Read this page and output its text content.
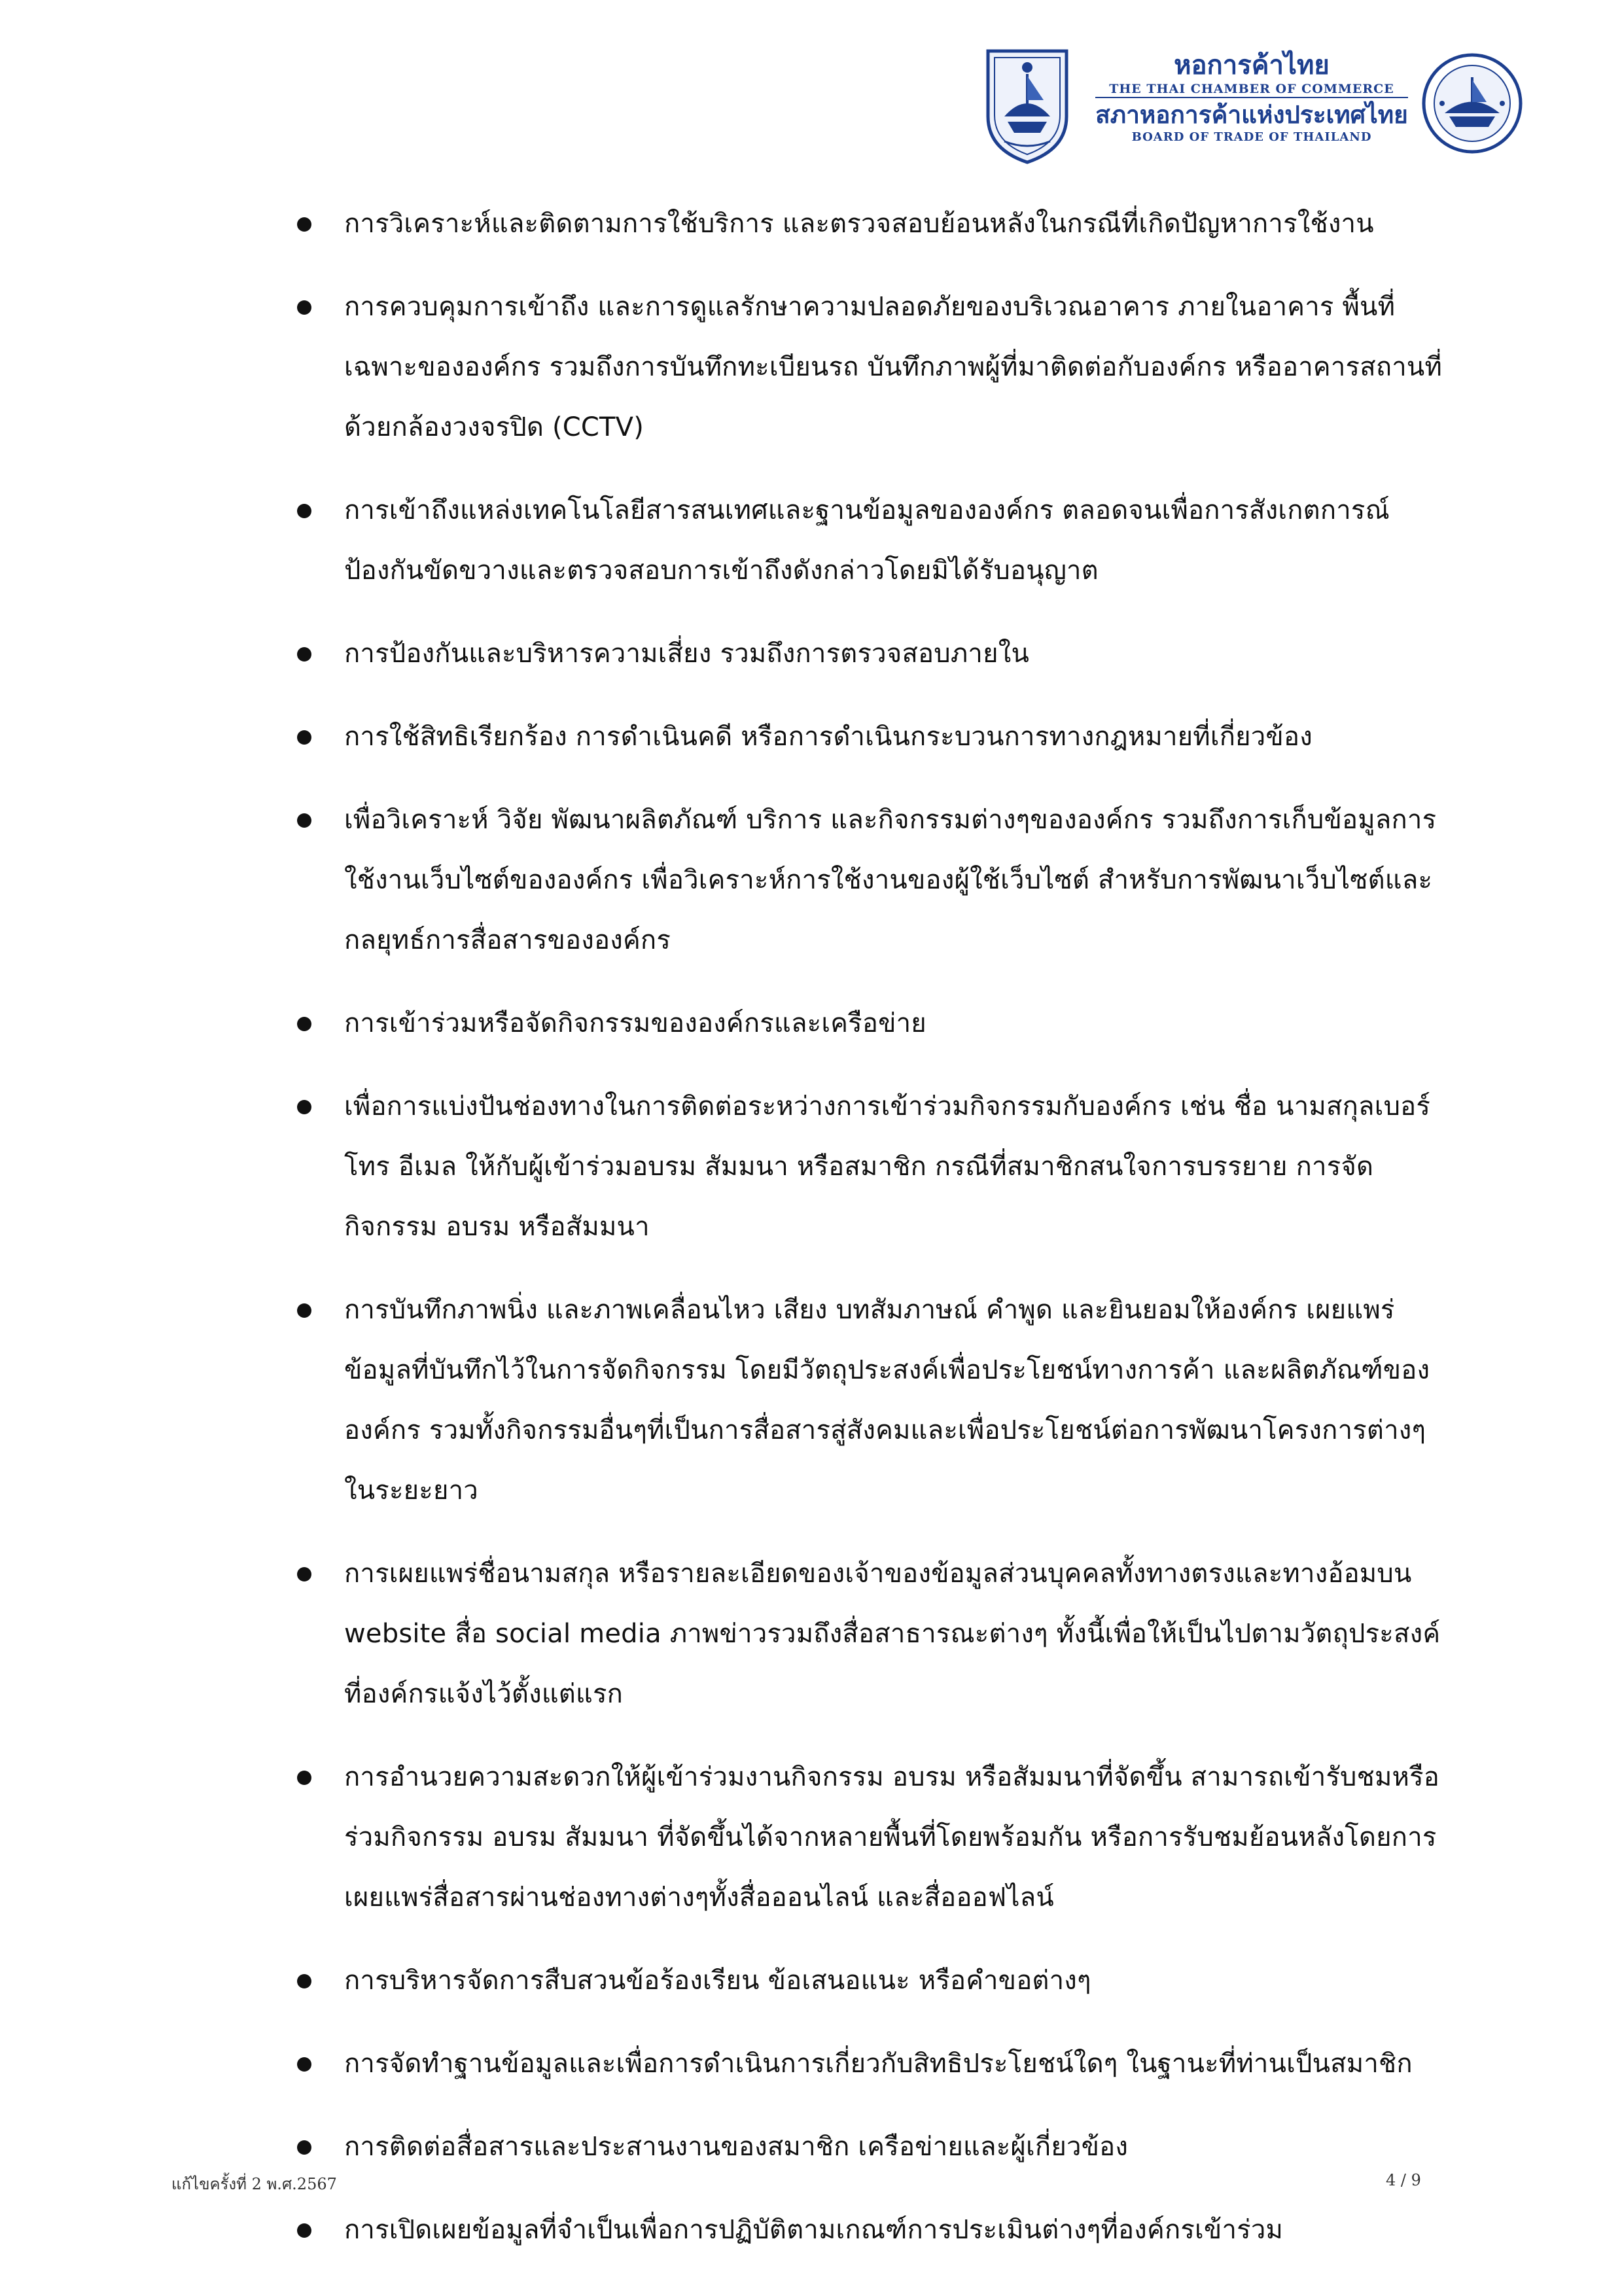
หอการค้าไทย
THE THAI CHAMBER OF COMMERCE
สภาหอการค้าแห่งประเทศไทย
BOARD OF TRADE OF THAILAND
การวิเคราะห์และติดตามการใช้บริการ และตรวจสอบย้อนหลังในกรณีที่เกิดปัญหาการใช้งาน
การควบคุมการเข้าถึง และการดูแลรักษาความปลอดภัยของบริเวณอาคาร ภายในอาคาร พื้นที่เฉพาะขององค์กร รวมถึงการบันทึกทะเบียนรถ บันทึกภาพผู้ที่มาติดต่อกับองค์กร หรืออาคารสถานที่ ด้วยกล้องวงจรปิด (CCTV)
การเข้าถึงแหล่งเทคโนโลยีสารสนเทศและฐานข้อมูลขององค์กร ตลอดจนเพื่อการสังเกตการณ์ป้องกันขัดขวางและตรวจสอบการเข้าถึงดังกล่าวโดยมิได้รับอนุญาต
การป้องกันและบริหารความเสี่ยง รวมถึงการตรวจสอบภายใน
การใช้สิทธิเรียกร้อง การดำเนินคดี หรือการดำเนินกระบวนการทางกฎหมายที่เกี่ยวข้อง
เพื่อวิเคราะห์ วิจัย พัฒนาผลิตภัณฑ์ บริการ และกิจกรรมต่างๆขององค์กร รวมถึงการเก็บข้อมูลการใช้งานเว็บไซต์ขององค์กร เพื่อวิเคราะห์การใช้งานของผู้ใช้เว็บไซต์ สำหรับการพัฒนาเว็บไซต์และกลยุทธ์การสื่อสารขององค์กร
การเข้าร่วมหรือจัดกิจกรรมขององค์กรและเครือข่าย
เพื่อการแบ่งปันช่องทางในการติดต่อระหว่างการเข้าร่วมกิจกรรมกับองค์กร เช่น ชื่อ นามสกุลเบอร์โทร อีเมล ให้กับผู้เข้าร่วมอบรม สัมมนา หรือสมาชิก กรณีที่สมาชิกสนใจการบรรยาย การจัดกิจกรรม อบรม หรือสัมมนา
การบันทึกภาพนิ่ง และภาพเคลื่อนไหว เสียง บทสัมภาษณ์ คำพูด และยินยอมให้องค์กร เผยแพร่ข้อมูลที่บันทึกไว้ในการจัดกิจกรรม โดยมีวัตถุประสงค์เพื่อประโยชน์ทางการค้า และผลิตภัณฑ์ขององค์กร รวมทั้งกิจกรรมอื่นๆที่เป็นการสื่อสารสู่สังคมและเพื่อประโยชน์ต่อการพัฒนาโครงการต่างๆในระยะยาว
การเผยแพร่ชื่อนามสกุล หรือรายละเอียดของเจ้าของข้อมูลส่วนบุคคลทั้งทางตรงและทางอ้อมบน website สื่อ social media ภาพข่าวรวมถึงสื่อสาธารณะต่างๆ ทั้งนี้เพื่อให้เป็นไปตามวัตถุประสงค์ที่องค์กรแจ้งไว้ตั้งแต่แรก
การอำนวยความสะดวกให้ผู้เข้าร่วมงานกิจกรรม อบรม หรือสัมมนาที่จัดขึ้น สามารถเข้ารับชมหรือร่วมกิจกรรม อบรม สัมมนา ที่จัดขึ้นได้จากหลายพื้นที่โดยพร้อมกัน หรือการรับชมย้อนหลังโดยการเผยแพร่สื่อสารผ่านช่องทางต่างๆทั้งสื่อออนไลน์ และสื่อออฟไลน์
การบริหารจัดการสืบสวนข้อร้องเรียน ข้อเสนอแนะ หรือคำขอต่างๆ
การจัดทำฐานข้อมูลและเพื่อการดำเนินการเกี่ยวกับสิทธิประโยชน์ใดๆ ในฐานะที่ท่านเป็นสมาชิก
การติดต่อสื่อสารและประสานงานของสมาชิก เครือข่ายและผู้เกี่ยวข้อง
การเปิดเผยข้อมูลที่จำเป็นเพื่อการปฏิบัติตามเกณฑ์การประเมินต่างๆที่องค์กรเข้าร่วม
แก้ไขครั้งที่ 2 พ.ศ.2567	4 / 9
